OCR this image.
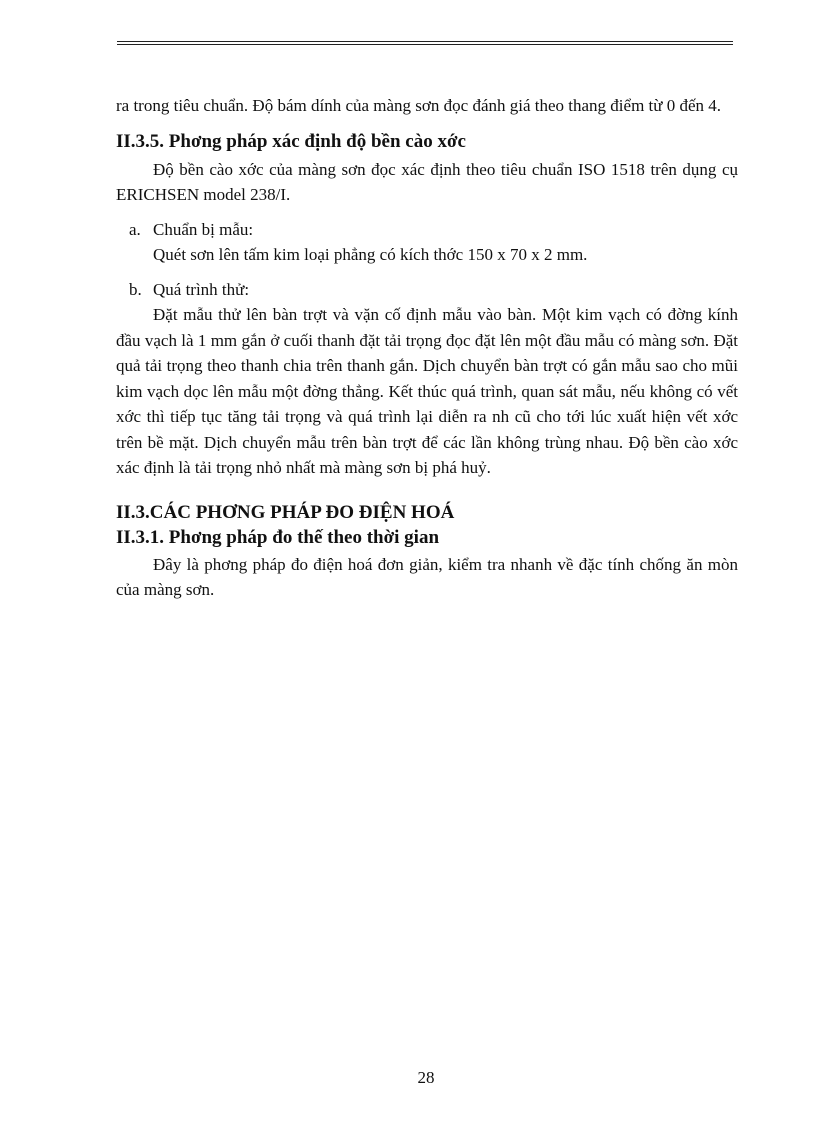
ra trong tiêu chuẩn. Độ bám dính của màng sơn đọc đánh giá theo thang điểm từ 0 đến 4.

II.3.5. Phơng pháp xác định độ bền cào xớc

Độ bền cào xớc của màng sơn đọc xác định theo tiêu chuẩn ISO 1518 trên dụng cụ ERICHSEN model 238/I.

a. Chuẩn bị mẫu:
Quét sơn lên tấm kim loại phẳng có kích thớc 150 x 70 x 2 mm.
b. Quá trình thử:

Đặt mẫu thử lên bàn trợt và vặn cố định mẫu vào bàn. Một kim vạch có đờng kính đầu vạch là 1 mm gắn ở cuối thanh đặt tải trọng đọc đặt lên một đầu mẫu có màng sơn. Đặt quả tải trọng theo thanh chia trên thanh gắn. Dịch chuyển bàn trợt có gắn mẫu sao cho mũi kim vạch dọc lên mẫu một đờng thẳng. Kết thúc quá trình, quan sát mẫu, nếu không có vết xớc thì tiếp tục tăng tải trọng và quá trình lại diễn ra nh cũ cho tới lúc xuất hiện vết xớc trên bề mặt. Dịch chuyển mẫu trên bàn trợt để các lần không trùng nhau. Độ bền cào xớc xác định là tải trọng nhỏ nhất mà màng sơn bị phá huỷ.

II.3.CÁC PHƠNG PHÁP ĐO ĐIỆN HOÁ
II.3.1. Phơng pháp đo thế theo thời gian

Đây là phơng pháp đo điện hoá đơn giản, kiểm tra nhanh về đặc tính chống ăn mòn của màng sơn.

28
